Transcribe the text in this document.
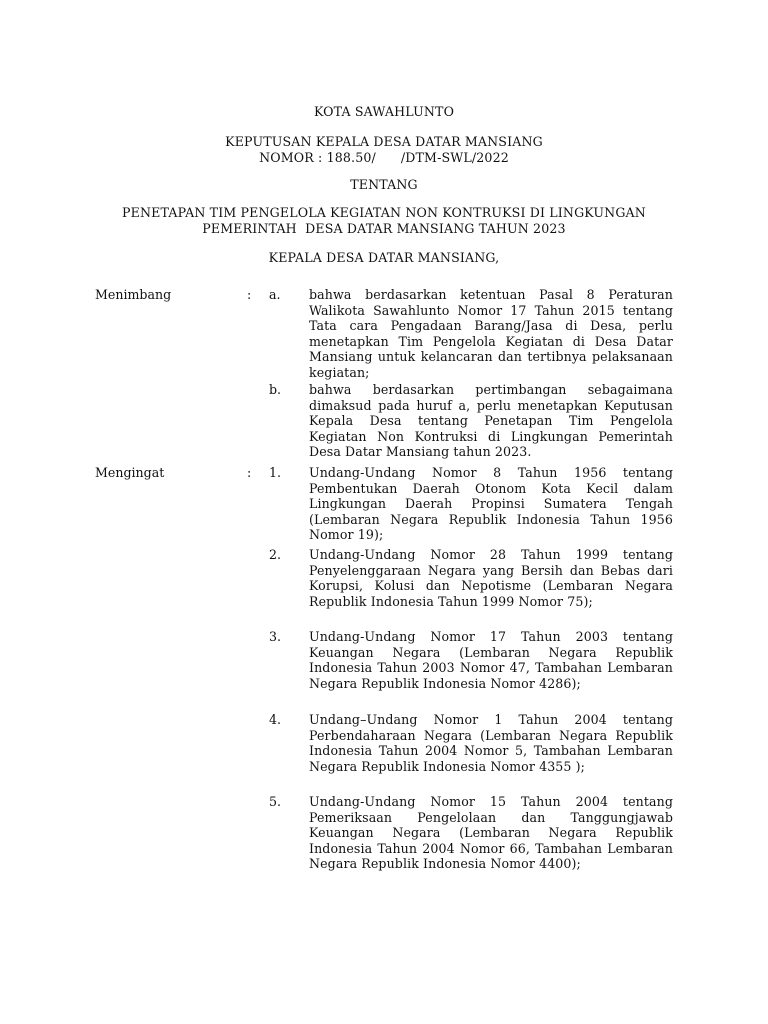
KOTA SAWAHLUNTO
KEPUTUSAN KEPALA DESA DATAR MANSIANG
NOMOR : 188.50/      /DTM-SWL/2022
TENTANG
PENETAPAN TIM PENGELOLA KEGIATAN NON KONTRUKSI DI LINGKUNGAN
PEMERINTAH  DESA DATAR MANSIANG TAHUN 2023
KEPALA DESA DATAR MANSIANG,
Menimbang	: a. bahwa berdasarkan ketentuan Pasal 8 Peraturan Walikota Sawahlunto Nomor 17 Tahun 2015 tentang Tata cara Pengadaan Barang/Jasa di Desa, perlu menetapkan Tim Pengelola Kegiatan di Desa Datar Mansiang untuk kelancaran dan tertibnya pelaksanaan kegiatan;
b. bahwa berdasarkan pertimbangan sebagaimana dimaksud pada huruf a, perlu menetapkan Keputusan Kepala Desa tentang Penetapan Tim Pengelola Kegiatan Non Kontruksi di Lingkungan Pemerintah Desa Datar Mansiang tahun 2023.
Mengingat	: 1. Undang-Undang Nomor 8 Tahun 1956 tentang Pembentukan Daerah Otonom Kota Kecil dalam Lingkungan Daerah Propinsi Sumatera Tengah (Lembaran Negara Republik Indonesia Tahun 1956 Nomor 19);
2. Undang-Undang Nomor 28 Tahun 1999 tentang Penyelenggaraan Negara yang Bersih dan Bebas dari Korupsi, Kolusi dan Nepotisme (Lembaran Negara Republik Indonesia Tahun 1999 Nomor 75);
3. Undang-Undang Nomor 17 Tahun 2003 tentang Keuangan Negara (Lembaran Negara Republik Indonesia Tahun 2003 Nomor 47, Tambahan Lembaran Negara Republik Indonesia Nomor 4286);
4. Undang–Undang Nomor 1 Tahun 2004 tentang Perbendaharaan Negara (Lembaran Negara Republik Indonesia Tahun 2004 Nomor 5, Tambahan Lembaran Negara Republik Indonesia Nomor 4355 );
5. Undang-Undang Nomor 15 Tahun 2004 tentang Pemeriksaan Pengelolaan dan Tanggungjawab Keuangan Negara (Lembaran Negara Republik Indonesia Tahun 2004 Nomor 66, Tambahan Lembaran Negara Republik Indonesia Nomor 4400);
